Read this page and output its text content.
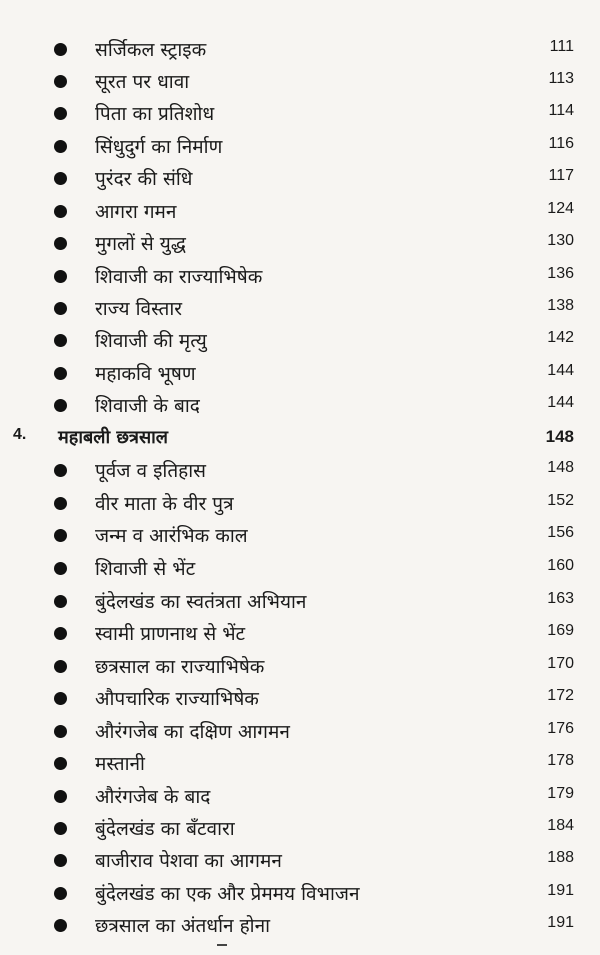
सर्जिकल स्ट्राइक	111
सूरत पर धावा	113
पिता का प्रतिशोध	114
सिंधुदुर्ग का निर्माण	116
पुरंदर की संधि	117
आगरा गमन	124
मुगलों से युद्ध	130
शिवाजी का राज्याभिषेक	136
राज्य विस्तार	138
शिवाजी की मृत्यु	142
महाकवि भूषण	144
शिवाजी के बाद	144
4. महाबली छत्रसाल	148
पूर्वज व इतिहास	148
वीर माता के वीर पुत्र	152
जन्म व आरंभिक काल	156
शिवाजी से भेंट	160
बुंदेलखंड का स्वतंत्रता अभियान	163
स्वामी प्राणनाथ से भेंट	169
छत्रसाल का राज्याभिषेक	170
औपचारिक राज्याभिषेक	172
औरंगजेब का दक्षिण आगमन	176
मस्तानी	178
औरंगजेब के बाद	179
बुंदेलखंड का बँटवारा	184
बाजीराव पेशवा का आगमन	188
बुंदेलखंड का एक और प्रेममय विभाजन	191
छत्रसाल का अंतर्धान होना	191
